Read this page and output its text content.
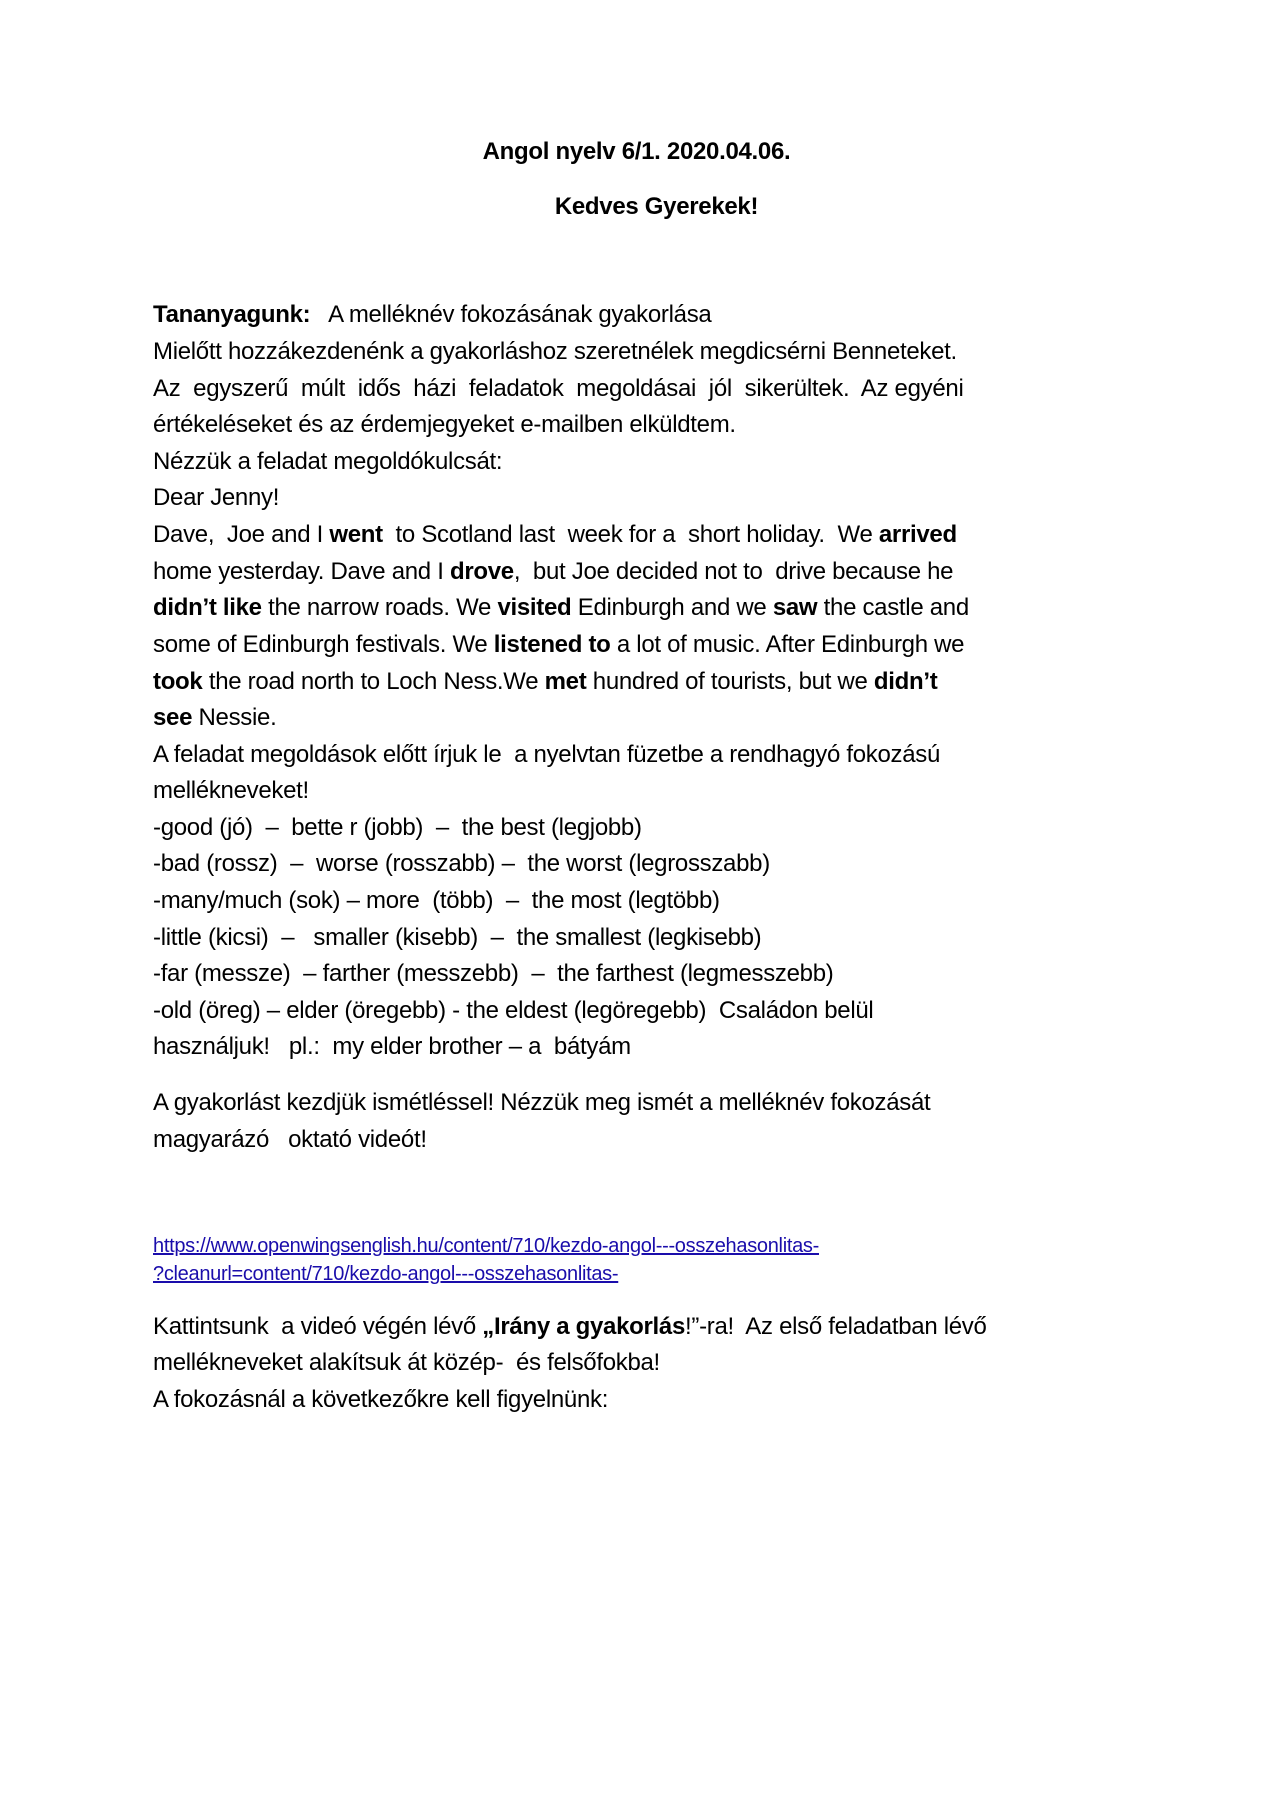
Angol nyelv 6/1. 2020.04.06.
Kedves Gyerekek!
Tananyagunk: A melléknév fokozásának gyakorlása
Mielőtt hozzákezdenénk a gyakorláshoz szeretnélek megdicsérni Benneteket.
Az  egyszerű  múlt  idős  házi  feladatok  megoldásai  jól  sikerültek.  Az egyéni
értékeléseket és az érdemjegyeket e-mailben elküldtem.
Nézzük a feladat megoldókulcsát:
Dear Jenny!
Dave,  Joe and I went  to Scotland last  week for a  short holiday.  We arrived
home yesterday. Dave and I drove,  but Joe decided not to  drive because he
didn’t like the narrow roads. We visited Edinburgh and we saw the castle and
some of Edinburgh festivals. We listened to a lot of music. After Edinburgh we
took the road north to Loch Ness.We met hundred of tourists, but we didn’t
see Nessie.
A feladat megoldások előtt írjuk le  a nyelvtan füzetbe a rendhagyó fokozású
mellékneveket!
-good (jó)  –  bette r (jobb)  –  the best (legjobb)
-bad (rossz)  –  worse (rosszabb) –  the worst (legrosszabb)
-many/much (sok) – more  (több)  –  the most (legtöbb)
-little (kicsi)  –   smaller (kisebb)  –  the smallest (legkisebb)
-far (messze)  – farther (messzebb)  –  the farthest (legmesszebb)
-old (öreg) – elder (öregebb) - the eldest (legöregebb)  Családon belül
használjuk!   pl.:  my elder brother – a  bátyám
A gyakorlást kezdjük ismétléssel! Nézzük meg ismét a melléknév fokozását
magyarázó   oktató videót!
https://www.openwingsenglish.hu/content/710/kezdo-angol---osszehasonlitas-
?cleanurl=content/710/kezdo-angol---osszehasonlitas-
Kattintsunk  a videó végén lévő „Irány a gyakorlás!”-ra!  Az első feladatban lévő
mellékneveket alakítsuk át közép-  és felsőfokba!
A fokozásnál a következőkre kell figyelnünk:
